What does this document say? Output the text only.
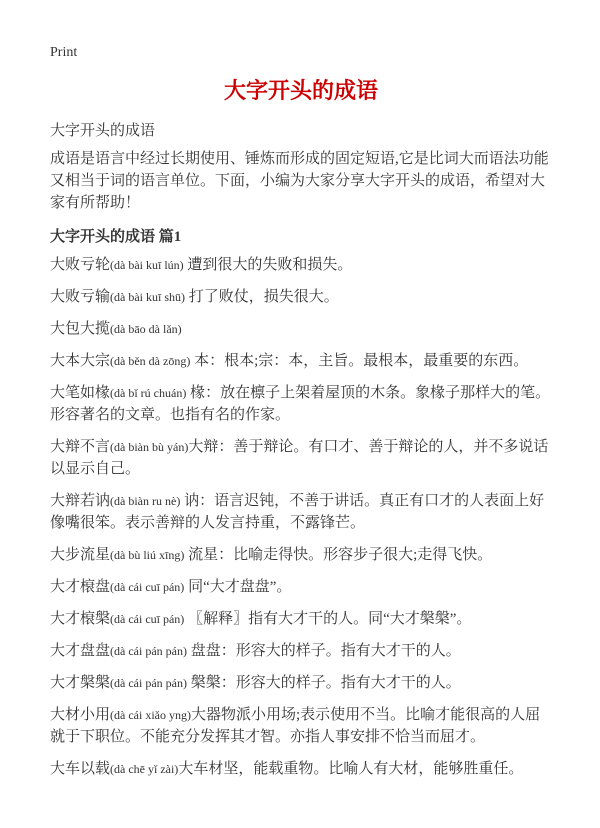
Print
大字开头的成语

大字开头的成语

成语是语言中经过长期使用、锤炼而形成的固定短语,它是比词大而语法功能又相当于词的语言单位。下面，小编为大家分享大字开头的成语，希望对大家有所帮助！

大字开头的成语 篇1

大败亏轮(dà bài kuī lún) 遭到很大的失败和损失。

大败亏输(dà bài kuī shū) 打了败仗，损失很大。

大包大揽(dà bāo dà lǎn)

大本大宗(dà běn dà zōng) 本：根本;宗：本，主旨。最根本，最重要的东西。

大笔如椽(dà bǐ rú chuán) 椽：放在檩子上架着屋顶的木条。象椽子那样大的笔。形容著名的文章。也指有名的作家。

大辩不言(dà biàn bù yán)大辩：善于辩论。有口才、善于辩论的人，并不多说话以显示自己。

大辩若讷(dà biàn ru nè) 讷：语言迟钝，不善于讲话。真正有口才的人表面上好像嘴很笨。表示善辩的人发言持重，不露锋芒。

大步流星(dà bù liú xīng) 流星：比喻走得快。形容步子很大;走得飞快。

大才榱盘(dà cái cuī pán) 同“大才盘盘”。

大才榱槃(dà cái cuī pán) 〖解释〗指有大才干的人。同“大才槃槃”。

大才盘盘(dà cái pán pán) 盘盘：形容大的样子。指有大才干的人。

大才槃槃(dà cái pán pán) 槃槃：形容大的样子。指有大才干的人。

大材小用(dà cái xiǎo yng)大器物派小用场;表示使用不当。比喻才能很高的人屈就于下职位。不能充分发挥其才智。亦指人事安排不恰当而屈才。

大车以载(dà chē yǐ zài)大车材坚，能载重物。比喻人有大材，能够胜重任。
